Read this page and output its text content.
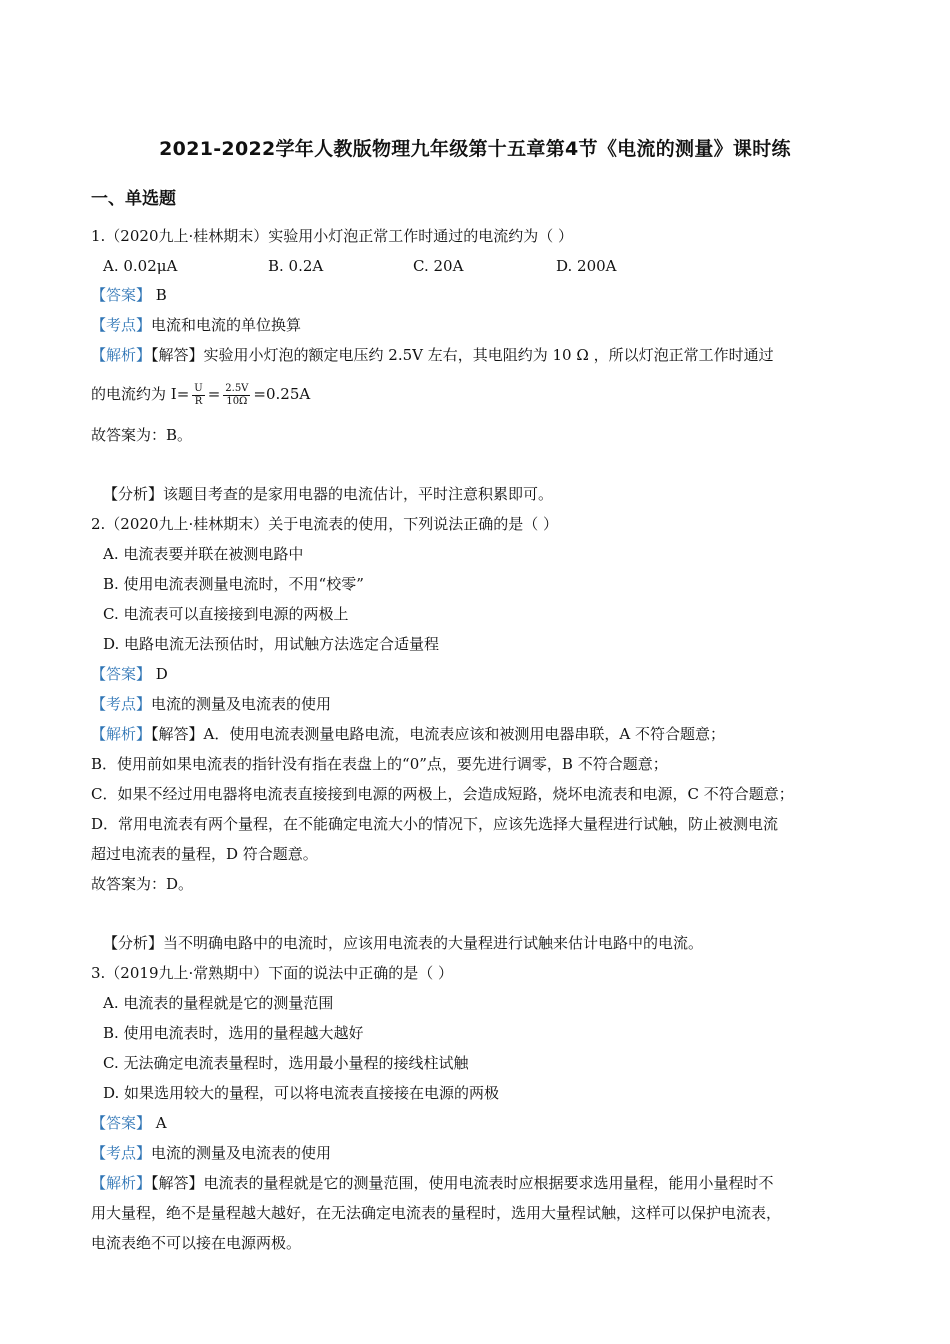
2021-2022学年人教版物理九年级第十五章第4节《电流的测量》课时练
一、单选题
1.（2020九上·桂林期末）实验用小灯泡正常工作时通过的电流约为（ ）
A. 0.02μA	B. 0.2A	C. 20A	D. 200A
【答案】 B
【考点】电流和电流的单位换算
【解析】【解答】实验用小灯泡的额定电压约 2.5V 左右，其电阻约为 10 Ω ，所以灯泡正常工作时通过
的电流约为 $I= \frac{U}{R} = \frac{2.5V}{10\Omega} =0.25A$
故答案为：B。
【分析】该题目考查的是家用电器的电流估计，平时注意积累即可。
2.（2020九上·桂林期末）关于电流表的使用，下列说法正确的是（ ）
A. 电流表要并联在被测电路中
B. 使用电流表测量电流时，不用“校零”
C. 电流表可以直接接到电源的两极上
D. 电路电流无法预估时，用试触方法选定合适量程
【答案】 D
【考点】电流的测量及电流表的使用
【解析】【解答】A．使用电流表测量电路电流，电流表应该和被测用电器串联，A 不符合题意；
B．使用前如果电流表的指针没有指在表盘上的“0”点，要先进行调零，B 不符合题意；
C．如果不经过用电器将电流表直接接到电源的两极上，会造成短路，烧坏电流表和电源，C 不符合题意；
D．常用电流表有两个量程，在不能确定电流大小的情况下，应该先选择大量程进行试触，防止被测电流
超过电流表的量程，D 符合题意。
故答案为：D。
【分析】当不明确电路中的电流时，应该用电流表的大量程进行试触来估计电路中的电流。
3.（2019九上·常熟期中）下面的说法中正确的是（ ）
A. 电流表的量程就是它的测量范围
B. 使用电流表时，选用的量程越大越好
C. 无法确定电流表量程时，选用最小量程的接线柱试触
D. 如果选用较大的量程，可以将电流表直接接在电源的两极
【答案】 A
【考点】电流的测量及电流表的使用
【解析】【解答】电流表的量程就是它的测量范围，使用电流表时应根据要求选用量程，能用小量程时不
用大量程，绝不是量程越大越好，在无法确定电流表的量程时，选用大量程试触，这样可以保护电流表，
电流表绝不可以接在电源两极。
